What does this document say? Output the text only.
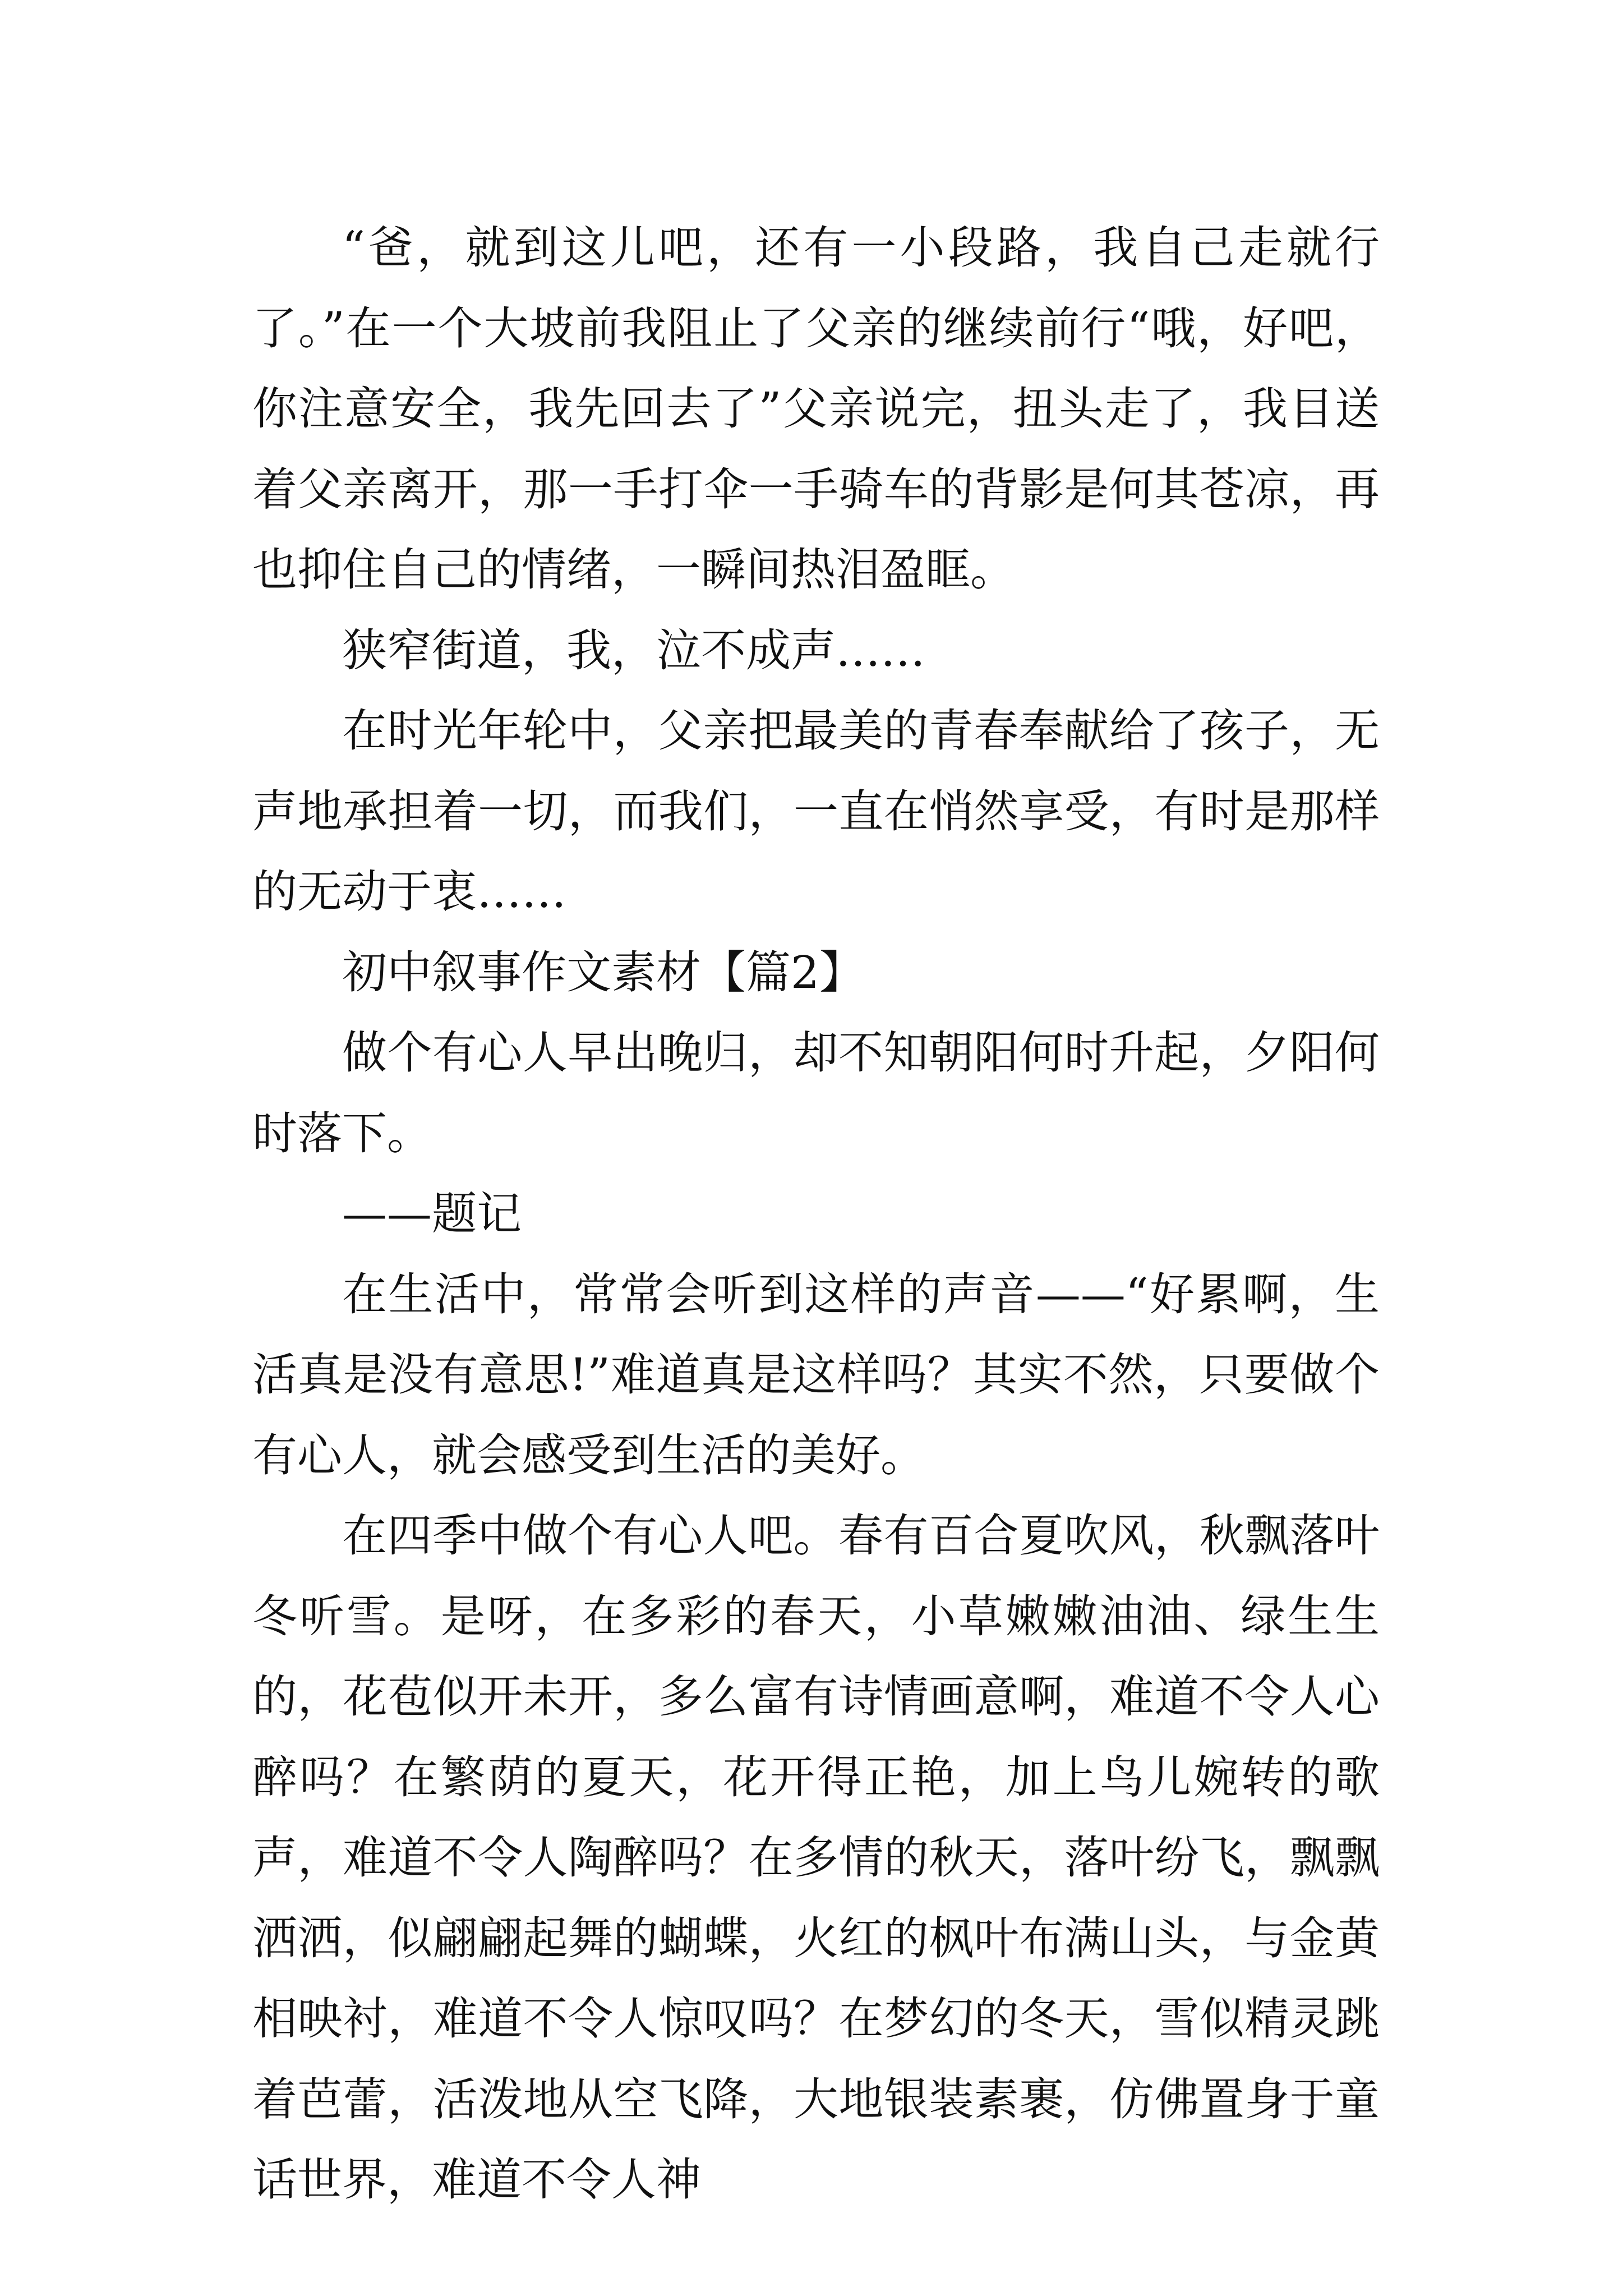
“爸，就到这儿吧，还有一小段路，我自己走就行了。”在一个大坡前我阻止了父亲的继续前行“哦，好吧，你注意安全，我先回去了”父亲说完，扭头走了，我目送着父亲离开，那一手打伞一手骑车的背影是何其苍凉，再也抑住自己的情绪，一瞬间热泪盈眶。

狭窄街道，我，泣不成声……

在时光年轮中，父亲把最美的青春奉献给了孩子，无声地承担着一切，而我们，一直在悄然享受，有时是那样的无动于衷……

初中叙事作文素材【篇2】

做个有心人早出晚归，却不知朝阳何时升起，夕阳何时落下。

——题记

在生活中，常常会听到这样的声音——“好累啊，生活真是没有意思!”难道真是这样吗？其实不然，只要做个有心人，就会感受到生活的美好。

在四季中做个有心人吧。春有百合夏吹风，秋飘落叶冬听雪。是呀，在多彩的春天，小草嫩嫩油油、绿生生的，花苞似开未开，多么富有诗情画意啊，难道不令人心醉吗？在繁荫的夏天，花开得正艳，加上鸟儿婉转的歌声，难道不令人陶醉吗？在多情的秋天，落叶纷飞，飘飘洒洒，似翩翩起舞的蝴蝶，火红的枫叶布满山头，与金黄相映衬，难道不令人惊叹吗？在梦幻的冬天，雪似精灵跳着芭蕾，活泼地从空飞降，大地银装素裹，仿佛置身于童话世界，难道不令人神
